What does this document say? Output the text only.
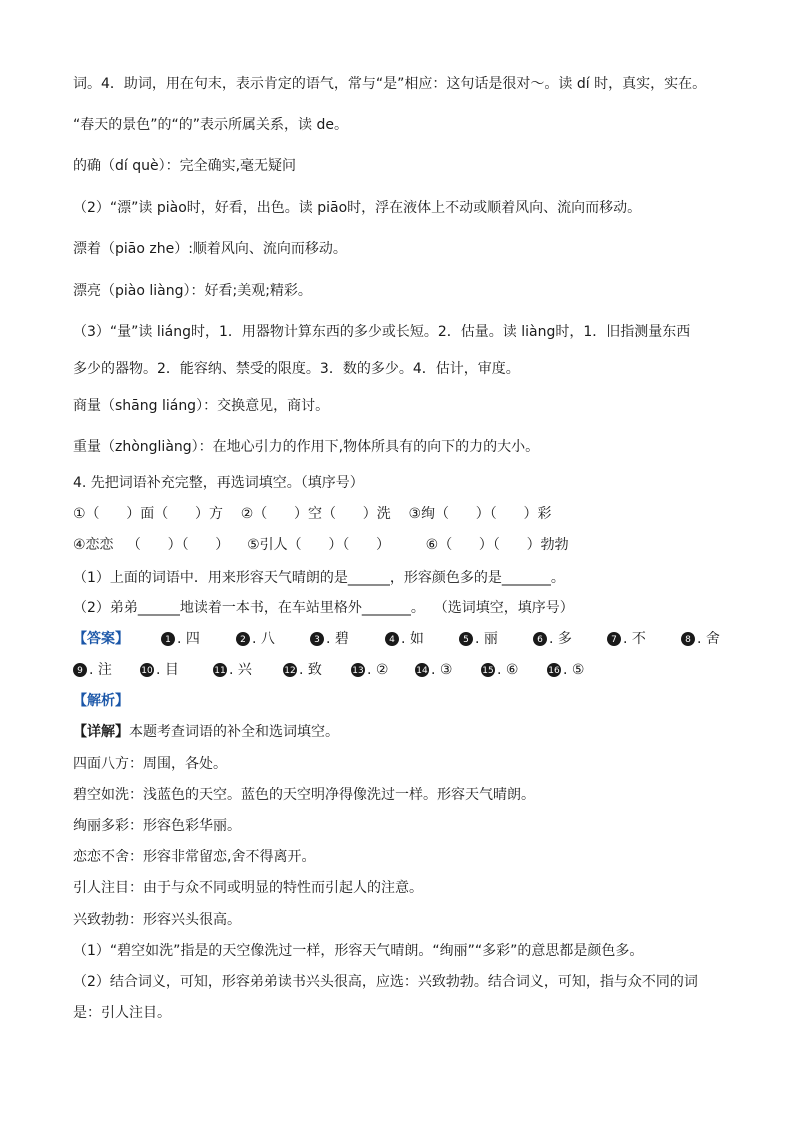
词。4．助词，用在句末，表示肯定的语气，常与“是”相应：这句话是很对～。读 dí 时，真实，实在。
“春天的景色”的“的”表示所属关系，读 de。
的确（dí què）：完全确实,毫无疑问
（2）“漂”读 piào时，好看，出色。读 piāo时，浮在液体上不动或顺着风向、流向而移动。
漂着（piāo zhe）:顺着风向、流向而移动。
漂亮（piào liàng）：好看;美观;精彩。
（3）“量”读 liáng时，1．用器物计算东西的多少或长短。2．估量。读 liàng时，1．旧指测量东西
多少的器物。2．能容纳、禁受的限度。3．数的多少。4．估计，审度。
商量（shāng liáng）：交换意见，商讨。
重量（zhòngliàng）：在地心引力的作用下,物体所具有的向下的力的大小。
4. 先把词语补充完整，再选词填空。（填序号）
①（      ）面（      ）方    ②（      ）空（      ）洗    ③绚（      ）（      ）彩
④恋恋   （      ）（      ）    ⑤引人（      ）（      ）        ⑥（      ）（      ）勃勃
（1）上面的词语中．用来形容天气晴朗的是______，形容颜色多的是_______。
（2）弟弟______地读着一本书，在车站里格外_______。  （选词填空，填序号）
【答案】	1 . 四	2 . 八	3 . 碧	4 . 如	5 . 丽	6 . 多	7 . 不	8 . 舍
9 . 注	10 . 目	11 . 兴	12 . 致	13 . ②	14 . ③	15 . ⑥	16 . ⑤
【解析】
【详解】本题考查词语的补全和选词填空。
四面八方：周围，各处。
碧空如洗：浅蓝色的天空。蓝色的天空明净得像洗过一样。形容天气晴朗。
绚丽多彩：形容色彩华丽。
恋恋不舍：形容非常留恋,舍不得离开。
引人注目：由于与众不同或明显的特性而引起人的注意。
兴致勃勃：形容兴头很高。
（1）“碧空如洗”指是的天空像洗过一样，形容天气晴朗。“绚丽”“多彩”的意思都是颜色多。
（2）结合词义，可知，形容弟弟读书兴头很高，应选：兴致勃勃。结合词义，可知，指与众不同的词
是：引人注目。
